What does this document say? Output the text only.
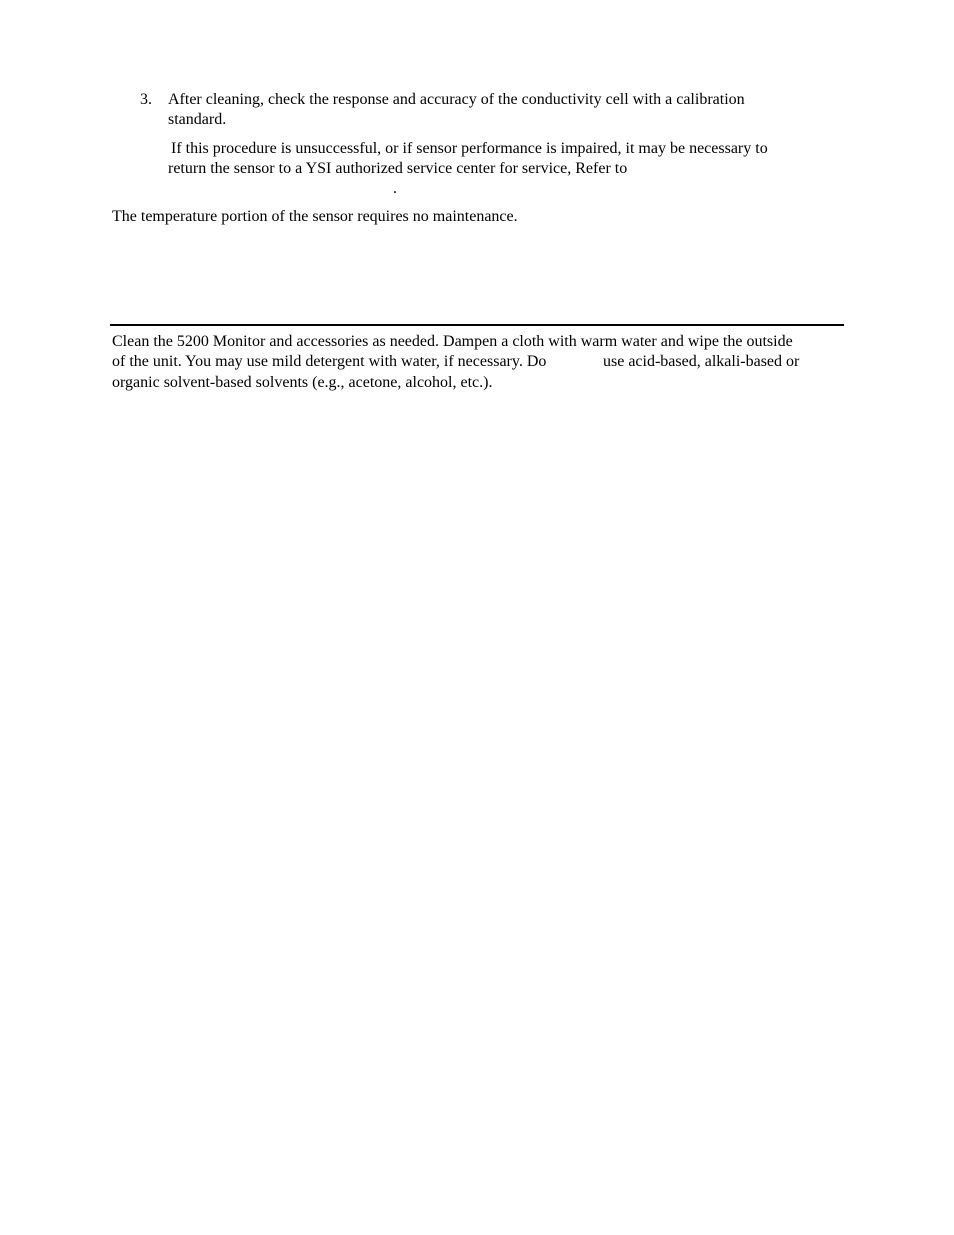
3. After cleaning, check the response and accuracy of the conductivity cell with a calibration
standard.
If this procedure is unsuccessful, or if sensor performance is impaired, it may be necessary to
return the sensor to a YSI authorized service center for service, Refer to
.
The temperature portion of the sensor requires no maintenance.
Clean the 5200 Monitor and accessories as needed. Dampen a cloth with warm water and wipe the outside
of the unit. You may use mild detergent with water, if necessary. Do	use acid-based, alkali-based or
organic solvent-based solvents (e.g., acetone, alcohol, etc.).
